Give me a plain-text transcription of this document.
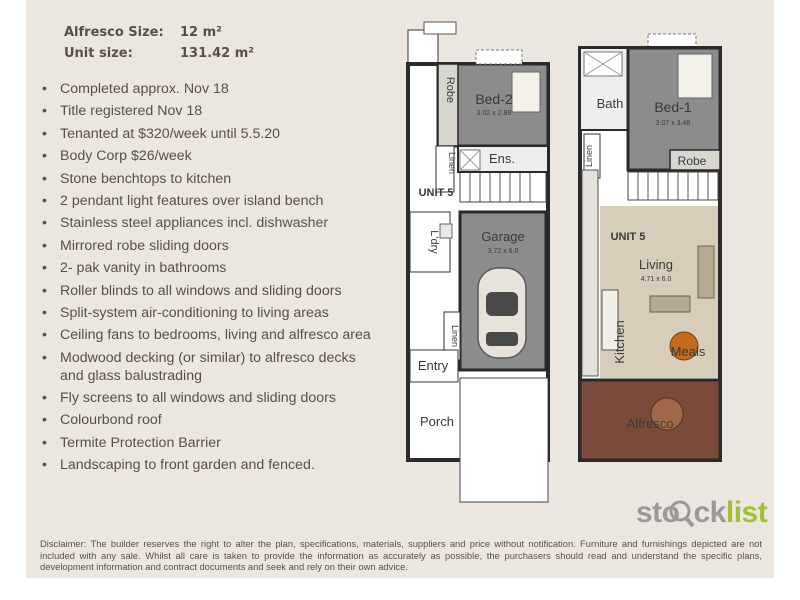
Alfresco Size:	12 m²
Unit size:	131.42 m²
• Completed approx. Nov 18
• Title registered Nov 18
• Tenanted at $320/week until 5.5.20
• Body Corp $26/week
• Stone benchtops to kitchen
• 2 pendant light features over island bench
• Stainless steel appliances incl. dishwasher
• Mirrored robe sliding doors
• 2- pak vanity in bathrooms
• Roller blinds to all windows and sliding doors
• Split-system air-conditioning to living areas
• Ceiling fans to bedrooms, living and alfresco area
• Modwood decking (or similar) to alfresco decks and glass balustrading
• Fly screens to all windows and sliding doors
• Colourbond roof
• Termite Protection Barrier
• Landscaping to front garden and fenced.
Robe Bed-2
3.02 x 2.88
Ens.
UNIT 5
L'dry	Garage
3.72 x 6.0
Linen
Linen
Entry
Porch
Bath Bed-1
3.07 x 3.48
Robe
Linen
UNIT 5
Living
4.71 x 6.0
Kitchen	Meals
Alfresco
sto cklist
Disclaimer: The builder reserves the right to alter the plan, specifications, materials, suppliers and price without notification. Furniture and furnishings depicted are not included with any sale. Whilst all care is taken to provide the information as accurately as possible, the purchasers should read and understand the specific plans, development information and contract documents and seek and rely on their own advice.
